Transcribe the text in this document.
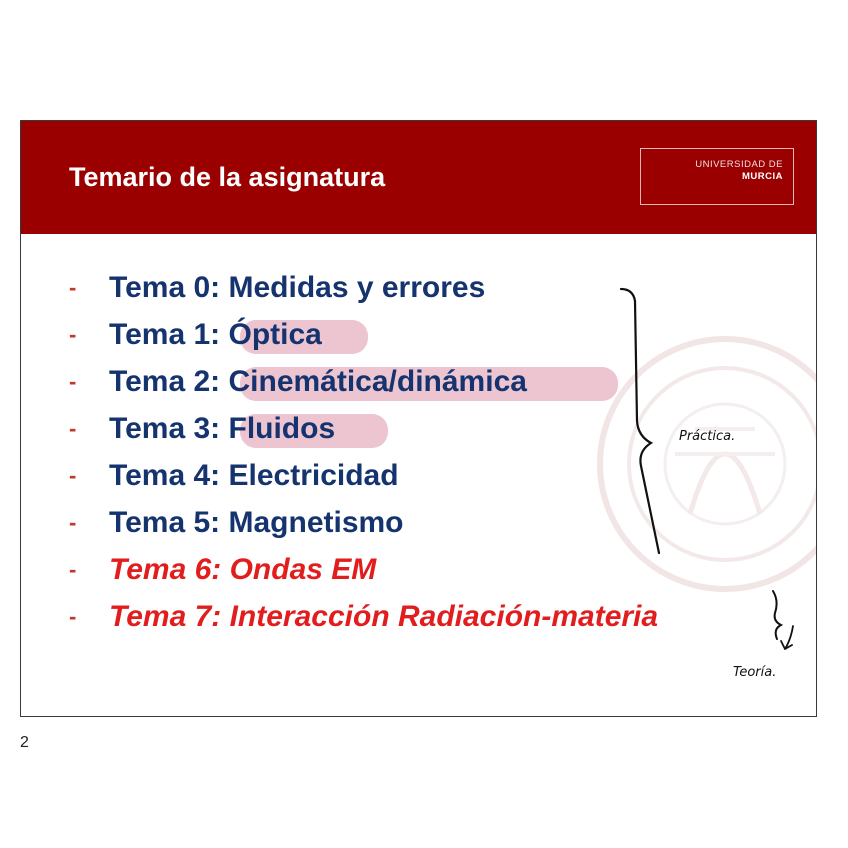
Temario de la asignatura	UNIVERSIDAD DE
MURCIA
- Tema 0: Medidas y errores
- Tema 1: Óptica
- Tema 2: Cinemática/dinámica
- Tema 3: Fluidos
- Tema 4: Electricidad
- Tema 5: Magnetismo
- Tema 6: Ondas EM
- Tema 7: Interacción Radiación-materia
Práctica.
Teoría.
2
